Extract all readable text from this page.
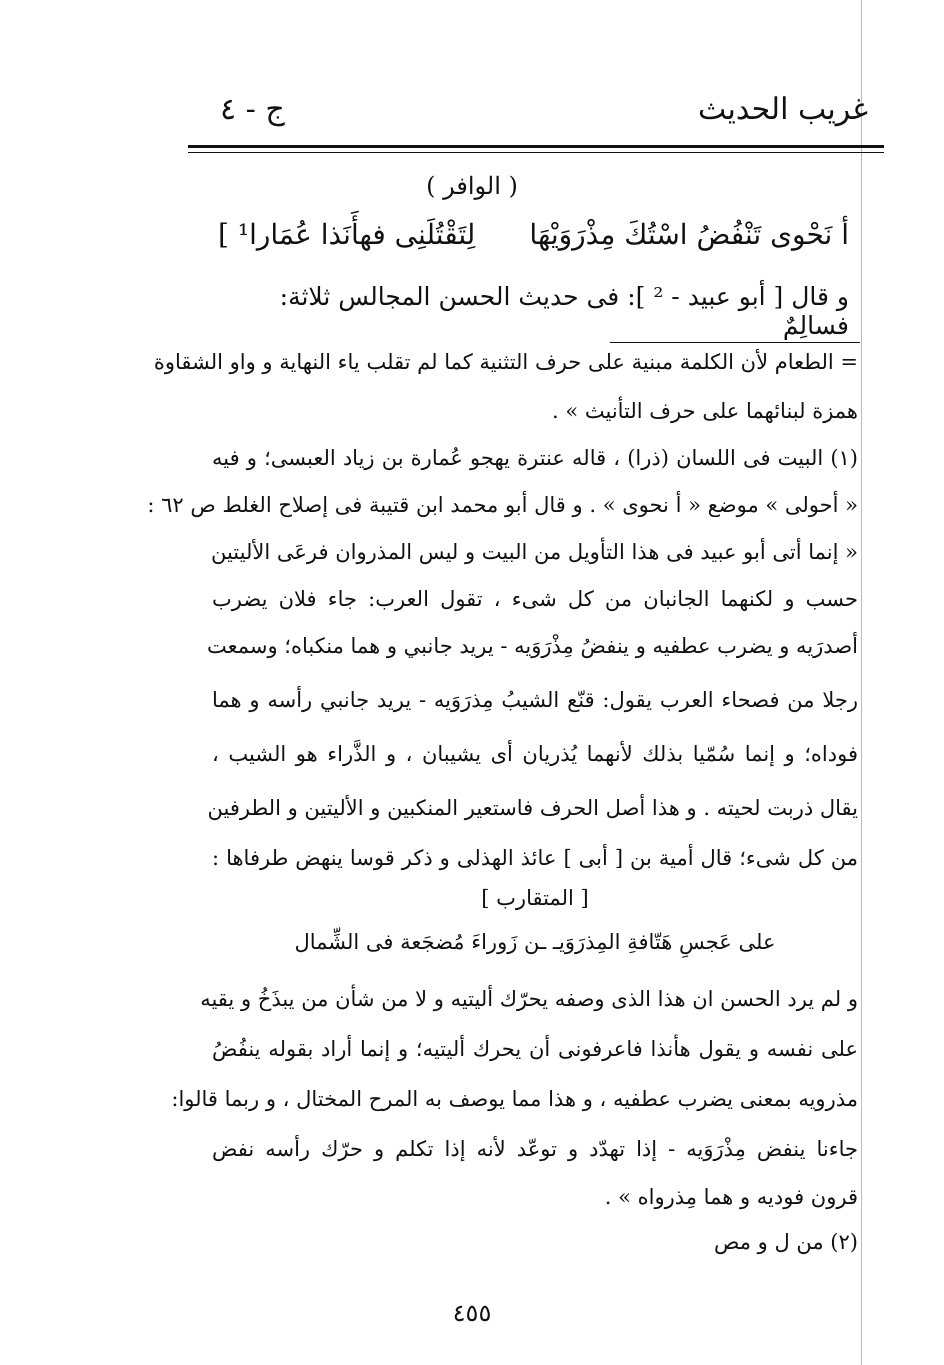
غريب الحديث
ج - ٤
( الوافر )
أ نَحْوى تَنْفُضُ اسْتُكَ مِذْرَوَيْهَا
لِتَقْتُلَنِى فهأَنَذا عُمَارا¹ ]
و قال [ أبو عبيد - ² ]: فى حديث الحسن المجالس ثلاثة: فسالِمٌ
= الطعام لأن الكلمة مبنية على حرف التثنية كما لم تقلب ياء النهاية و واو الشقاوة
همزة لبنائهما على حرف التأنيث » .
(١) البيت فى اللسان (ذرا) ، قاله عنترة يهجو عُمارة بن زياد العبسى؛ و فيه
« أحولى » موضع « أ نحوى » . و قال أبو محمد ابن قتيبة فى إصلاح الغلط ص ٦٢ :
« إنما أتى أبو عبيد فى هذا التأويل من البيت و ليس المذروان فرعَى الأليتين
حسب و لكنهما الجانبان من كل شىء ، تقول العرب: جاء فلان يضرب
أصدرَيه و يضرب عطفيه و ينفضُ مِذْرَوَيه - يريد جانبي و هما منكباه؛ وسمعت
رجلا من فصحاء العرب يقول: قنّع الشيبُ مِذرَوَيه - يريد جانبي رأسه و هما
فوداه؛ و إنما سُمّيا بذلك لأنهما يُذريان أى يشيبان ، و الذَّراء هو الشيب ،
يقال ذربت لحيته . و هذا أصل الحرف فاستعير المنكبين و الأليتين و الطرفين
من كل شىء؛ قال أمية بن [ أبى ] عائذ الهذلى و ذكر قوسا ينهض طرفاها :
[ المتقارب ]
على عَجسِ هَتّافةِ المِذرَوَيـ ـن زَوراءَ مُضجَعة فى الشِّمال
و لم يرد الحسن ان هذا الذى وصفه يحرّك أليتيه و لا من شأن من يبذَخُ و يقيه
على نفسه و يقول هأنذا فاعرفونى أن يحرك أليتيه؛ و إنما أراد بقوله ينفُضُ
مذرويه بمعنى يضرب عطفيه ، و هذا مما يوصف به المرح المختال ، و ربما قالوا:
جاءنا ينفض مِذْرَوَيه - إذا تهدّد و توعّد لأنه إذا تكلم و حرّك رأسه نفض
قرون فوديه و هما مِذرواه » .
(٢) من ل و مص
٤٥٥
